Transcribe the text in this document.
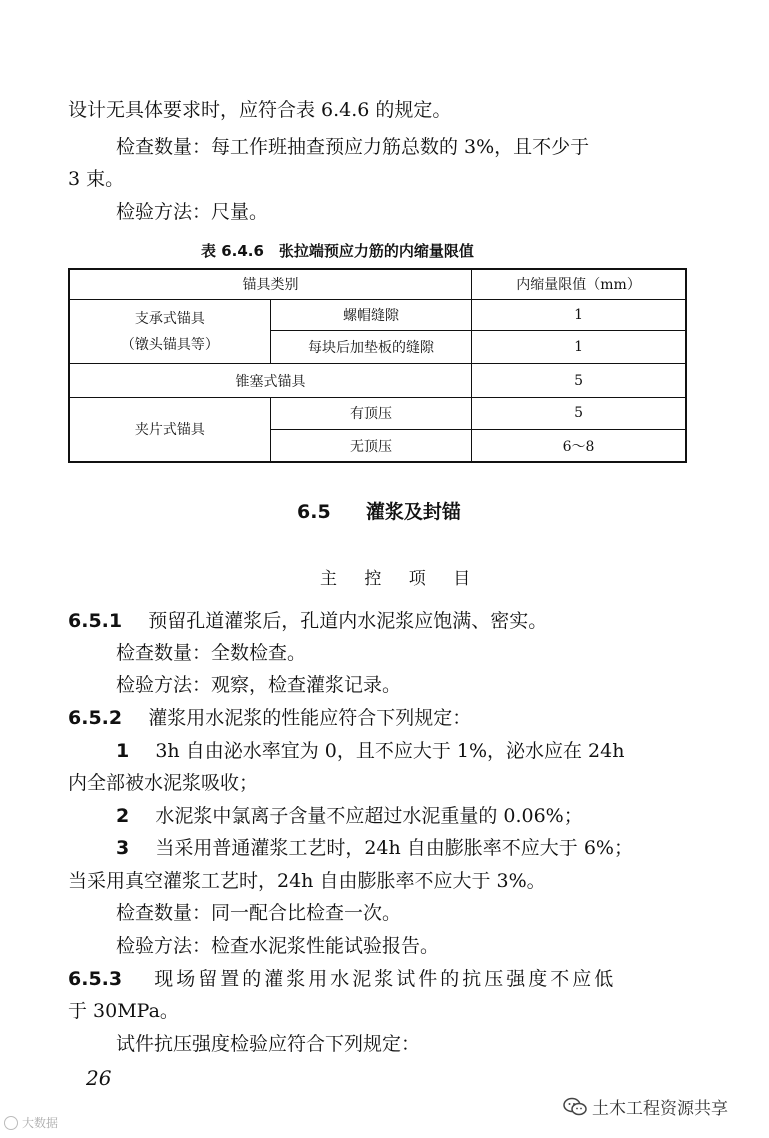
设计无具体要求时，应符合表 6.4.6 的规定。
检查数量：每工作班抽查预应力筋总数的 3%，且不少于
3 束。
检验方法：尺量。
表 6.4.6　张拉端预应力筋的内缩量限值
锚具类别		内缩量限值（mm）

支承式锚具
（镦头锚具等）	螺帽缝隙	1
	每块后加垫板的缝隙	1
锥塞式锚具		5
夹片式锚具	有顶压	5
	无顶压	6～8
6.5 灌浆及封锚
主 控 项 目
6.5.1 预留孔道灌浆后，孔道内水泥浆应饱满、密实。
检查数量：全数检查。
检验方法：观察，检查灌浆记录。
6.5.2 灌浆用水泥浆的性能应符合下列规定：
1 3h 自由泌水率宜为 0，且不应大于 1%，泌水应在 24h
内全部被水泥浆吸收；
2 水泥浆中氯离子含量不应超过水泥重量的 0.06%；
3 当采用普通灌浆工艺时，24h 自由膨胀率不应大于 6%；
当采用真空灌浆工艺时，24h 自由膨胀率不应大于 3%。
检查数量：同一配合比检查一次。
检验方法：检查水泥浆性能试验报告。
6.5.3 现场留置的灌浆用水泥浆试件的抗压强度不应低
于 30MPa。
试件抗压强度检验应符合下列规定：
26
大数据
土木工程资源共享
